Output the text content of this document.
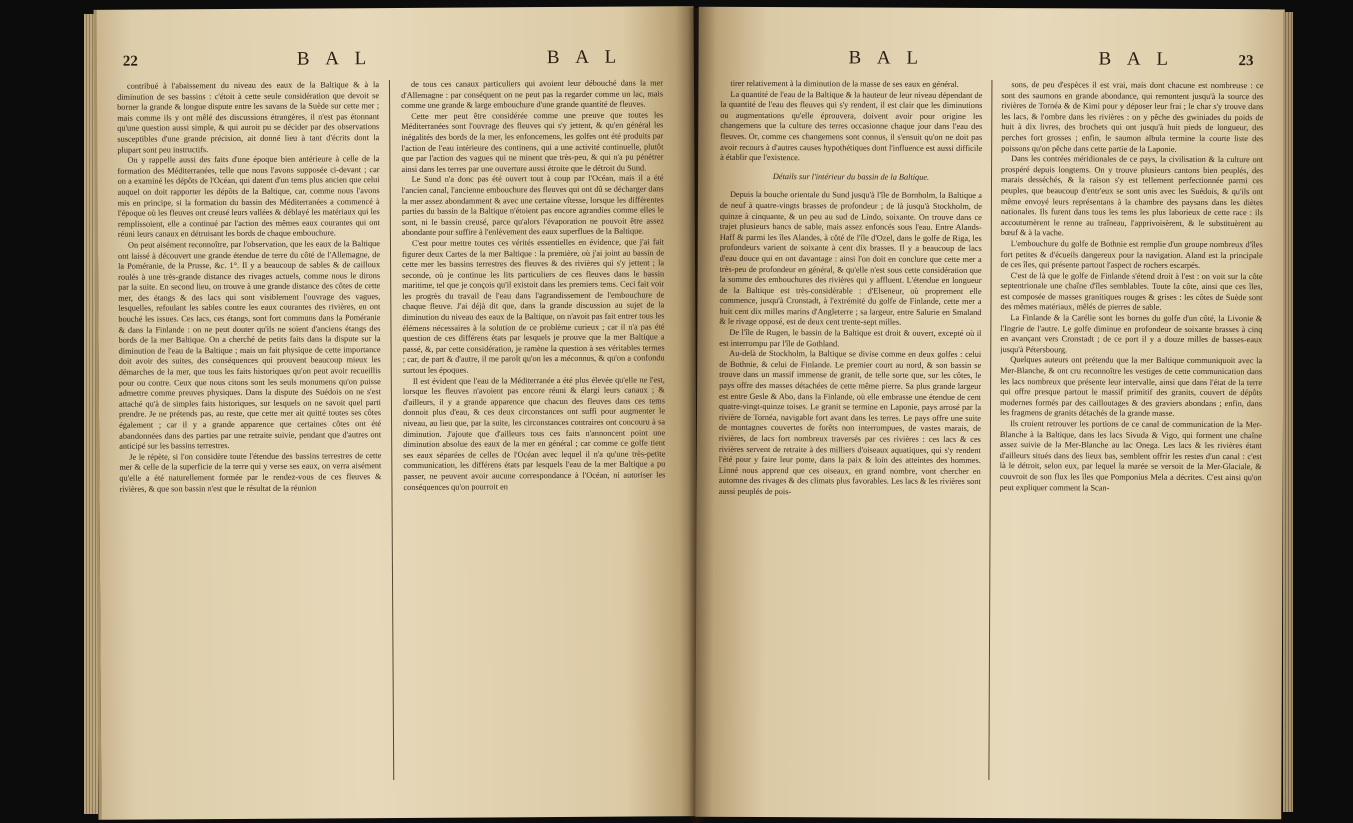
22	B A L	B A L

contribué à l'abaissement du niveau des eaux de la Baltique & à la diminution de ses bassins : c'étoit à cette seule considération que devoit se borner la grande & longue dispute entre les savans de la Suède sur cette mer ; mais comme ils y ont mêlé des discussions étrangères, il n'est pas étonnant qu'une question aussi simple, & qui auroit pu se décider par des observations susceptibles d'une grande précision, ait donné lieu à tant d'écrits dont la plupart sont peu instructifs.

On y rappelle aussi des faits d'une époque bien antérieure à celle de la formation des Méditerranées, telle que nous l'avons supposée ci-devant ; car on a examiné les dépôts de l'Océan, qui datent d'un tems plus ancien que celui auquel on doit rapporter les dépôts de la Baltique, car, comme nous l'avons mis en principe, si la formation du bassin des Méditerranées a commencé à l'époque où les fleuves ont creusé leurs vallées & déblayé les matériaux qui les remplissoient, elle a continué par l'action des mêmes eaux courantes qui ont réuni leurs canaux en détruisant les bords de chaque embouchure.

On peut aisément reconnoître, par l'observation, que les eaux de la Baltique ont laissé à découvert une grande étendue de terre du côté de l'Allemagne, de la Poméranie, de la Prusse, &c. 1°. Il y a beaucoup de sables & de cailloux roulés à une très-grande distance des rivages actuels, comme nous le dirons par la suite. En second lieu, on trouve à une grande distance des côtes de cette mer, des étangs & des lacs qui sont visiblement l'ouvrage des vagues, lesquelles, refoulant les sables contre les eaux courantes des rivières, en ont bouché les issues. Ces lacs, ces étangs, sont fort communs dans la Poméranie & dans la Finlande : on ne peut douter qu'ils ne soient d'anciens étangs des bords de la mer Baltique. On a cherché de petits faits dans la dispute sur la diminution de l'eau de la Baltique ; mais un fait physique de cette importance doit avoir des suites, des conséquences qui prouvent beaucoup mieux les démarches de la mer, que tous les faits historiques qu'on peut avoir recueillis pour ou contre. Ceux que nous citons sont les seuls monumens qu'on puisse admettre comme preuves physiques. Dans la dispute des Suédois on ne s'est attaché qu'à de simples faits historiques, sur lesquels on ne savoit quel parti prendre. Je ne prétends pas, au reste, que cette mer ait quitté toutes ses côtes également ; car il y a grande apparence que certaines côtes ont été abandonnées dans des parties par une retraite suivie, pendant que d'autres ont anticipé sur les bassins terrestres.

Je le répète, si l'on considère toute l'étendue des bassins terrestres de cette mer & celle de la superficie de la terre qui y verse ses eaux, on verra aisément qu'elle a été naturellement formée par le rendez-vous de ces fleuves & rivières, & que son bassin n'est que le résultat de la réunion

de tous ces canaux particuliers qui avoient leur débouché dans la mer d'Allemagne : par conséquent on ne peut pas la regarder comme un lac, mais comme une grande & large embouchure d'une grande quantité de fleuves.

Cette mer peut être considérée comme une preuve que toutes les Méditerranées sont l'ouvrage des fleuves qui s'y jettent, & qu'en général les inégalités des bords de la mer, les enfoncemens, les golfes ont été produits par l'action de l'eau intérieure des continens, qui a une activité continuelle, plutôt que par l'action des vagues qui ne minent que très-peu, & qui n'a pu pénétrer ainsi dans les terres par une ouverture aussi étroite que le détroit du Sund.

Le Sund n'a donc pas été ouvert tout à coup par l'Océan, mais il a été l'ancien canal, l'ancienne embouchure des fleuves qui ont dû se décharger dans la mer assez abondamment & avec une certaine vîtesse, lorsque les différentes parties du bassin de la Baltique n'étoient pas encore agrandies comme elles le sont, ni le bassin creusé, parce qu'alors l'évaporation ne pouvoit être assez abondante pour suffire à l'enlèvement des eaux superflues de la Baltique.

C'est pour mettre toutes ces vérités essentielles en évidence, que j'ai fait figurer deux Cartes de la mer Baltique : la première, où j'ai joint au bassin de cette mer les bassins terrestres des fleuves & des rivières qui s'y jettent ; la seconde, où je continue les lits particuliers de ces fleuves dans le bassin maritime, tel que je conçois qu'il existoit dans les premiers tems. Ceci fait voir les progrès du travail de l'eau dans l'agrandissement de l'embouchure de chaque fleuve. J'ai déjà dit que, dans la grande discussion au sujet de la diminution du niveau des eaux de la Baltique, on n'avoit pas fait entrer tous les élémens nécessaires à la solution de ce problème curieux ; car il n'a pas été question de ces différens états par lesquels je prouve que la mer Baltique a passé, &, par cette considération, je ramène la question à ses véritables termes ; car, de part & d'autre, il me paroît qu'on les a méconnus, & qu'on a confondu surtout les époques.

Il est évident que l'eau de la Méditerranée a été plus élevée qu'elle ne l'est, lorsque les fleuves n'avoient pas encore réuni & élargi leurs canaux ; & d'ailleurs, il y a grande apparence que chacun des fleuves dans ces tems donnoit plus d'eau, & ces deux circonstances ont suffi pour augmenter le niveau, au lieu que, par la suite, les circonstances contraires ont concouru à sa diminution. J'ajoute que d'ailleurs tous ces faits n'annoncent point une diminution absolue des eaux de la mer en général ; car comme ce golfe tient ses eaux séparées de celles de l'Océan avec lequel il n'a qu'une très-petite communication, les différens états par lesquels l'eau de la mer Baltique a pu passer, ne peuvent avoir aucune correspondance à l'Océan, ni autoriser les conséquences qu'on pourroit en

B A L	B A L	23

tirer relativement à la diminution de la masse de ses eaux en général.

La quantité de l'eau de la Baltique & la hauteur de leur niveau dépendant de la quantité de l'eau des fleuves qui s'y rendent, il est clair que les diminutions ou augmentations qu'elle éprouvera, doivent avoir pour origine les changemens que la culture des terres occasionne chaque jour dans l'eau des fleuves. Or, comme ces changemens sont connus, il s'ensuit qu'on ne doit pas avoir recours à d'autres causes hypothétiques dont l'influence est aussi difficile à établir que l'existence.

Détails sur l'intérieur du bassin de la Baltique.

Depuis la bouche orientale du Sund jusqu'à l'île de Bornholm, la Baltique a de neuf à quatre-vingts brasses de profondeur ; de là jusqu'à Stockholm, de quinze à cinquante, & un peu au sud de Lindo, soixante. On trouve dans ce trajet plusieurs bancs de sable, mais assez enfoncés sous l'eau. Entre Alands-Haff & parmi les îles Alandes, à côté de l'île d'Ozel, dans le golfe de Riga, les profondeurs varient de soixante à cent dix brasses. Il y a beaucoup de lacs d'eau douce qui en ont davantage : ainsi l'on doit en conclure que cette mer a très-peu de profondeur en général, & qu'elle n'est sous cette considération que la somme des embouchures des rivières qui y affluent. L'étendue en longueur de la Baltique est très-considérable : d'Elseneur, où proprement elle commence, jusqu'à Cronstadt, à l'extrémité du golfe de Finlande, cette mer a huit cent dix milles marins d'Angleterre ; sa largeur, entre Salurie en Smaland & le rivage opposé, est de deux cent trente-sept milles.

De l'île de Rugen, le bassin de la Baltique est droit & ouvert, excepté où il est interrompu par l'île de Gothland.

Au-delà de Stockholm, la Baltique se divise comme en deux golfes : celui de Bothnie, & celui de Finlande. Le premier court au nord, & son bassin se trouve dans un massif immense de granit, de telle sorte que, sur les côtes, le pays offre des masses détachées de cette même pierre. Sa plus grande largeur est entre Gesle & Abo, dans la Finlande, où elle embrasse une étendue de cent quatre-vingt-quinze toises. Le granit se termine en Laponie, pays arrosé par la rivière de Tornéa, navigable fort avant dans les terres. Le pays offre une suite de montagnes couvertes de forêts non interrompues, de vastes marais, de rivières, de lacs fort nombreux traversés par ces rivières : ces lacs & ces rivières servent de retraite à des milliers d'oiseaux aquatiques, qui s'y rendent l'été pour y faire leur ponte, dans la paix & loin des atteintes des hommes. Linné nous apprend que ces oiseaux, en grand nombre, vont chercher en automne des rivages & des climats plus favorables. Les lacs & les rivières sont aussi peuplés de pois-

sons, de peu d'espèces il est vrai, mais dont chacune est nombreuse : ce sont des saumons en grande abondance, qui remontent jusqu'à la source des rivières de Tornéa & de Kimi pour y déposer leur frai ; le char s'y trouve dans les lacs, & l'ombre dans les rivières : on y pêche des gwiniades du poids de huit à dix livres, des brochets qui ont jusqu'à huit pieds de longueur, des perches fort grosses ; enfin, le saumon albula termine la courte liste des poissons qu'on pêche dans cette partie de la Laponie.

Dans les contrées méridionales de ce pays, la civilisation & la culture ont prospéré depuis longtems. On y trouve plusieurs cantons bien peuplés, des marais desséchés, & la raison s'y est tellement perfectionnée parmi ces peuples, que beaucoup d'entr'eux se sont unis avec les Suédois, & qu'ils ont même envoyé leurs représentans à la chambre des paysans dans les diètes nationales. Ils furent dans tous les tems les plus laborieux de cette race : ils accoutumèrent le renne au traîneau, l'apprivoisèrent, & le substituèrent au bœuf & à la vache.

L'embouchure du golfe de Bothnie est remplie d'un groupe nombreux d'îles fort petites & d'écueils dangereux pour la navigation. Aland est la principale de ces îles, qui présente partout l'aspect de rochers escarpés.

C'est de là que le golfe de Finlande s'étend droit à l'est : on voit sur la côte septentrionale une chaîne d'îles semblables. Toute la côte, ainsi que ces îles, est composée de masses granitiques rouges & grises : les côtes de Suède sont des mêmes matériaux, mêlés de pierres de sable.

La Finlande & la Carélie sont les bornes du golfe d'un côté, la Livonie & l'Ingrie de l'autre. Le golfe diminue en profondeur de soixante brasses à cinq en avançant vers Cronstadt ; de ce port il y a douze milles de basses-eaux jusqu'à Pétersbourg.

Quelques auteurs ont prétendu que la mer Baltique communiquoit avec la Mer-Blanche, & ont cru reconnoître les vestiges de cette communication dans les lacs nombreux que présente leur intervalle, ainsi que dans l'état de la terre qui offre presque partout le massif primitif des granits, couvert de dépôts modernes formés par des cailloutages & des graviers abondans ; enfin, dans les fragmens de granits détachés de la grande masse.

Ils croient retrouver les portions de ce canal de communication de la Mer-Blanche à la Baltique, dans les lacs Sivuda & Vigo, qui forment une chaîne assez suivie de la Mer-Blanche au lac Onega. Les lacs & les rivières étant d'ailleurs situés dans des lieux bas, semblent offrir les restes d'un canal : c'est là le détroit, selon eux, par lequel la marée se versoit de la Mer-Glaciale, & couvroit de son flux les îles que Pomponius Mela a décrites. C'est ainsi qu'on peut expliquer comment la Scan-
